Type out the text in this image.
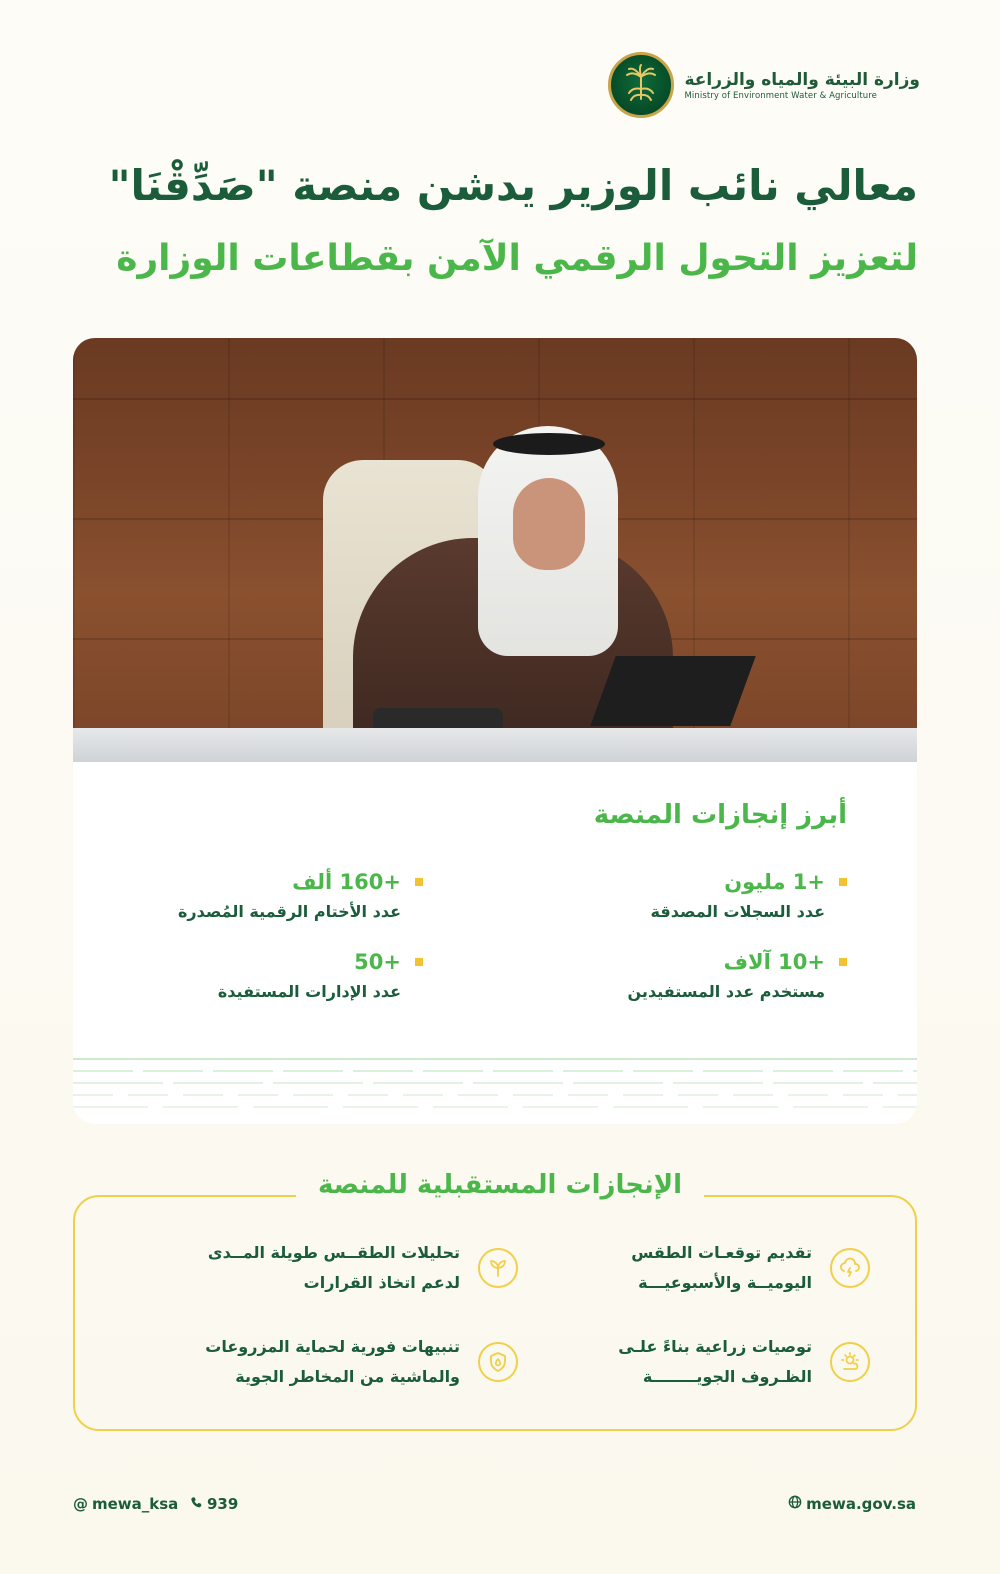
وزارة البيئة والمياه والزراعة
Ministry of Environment Water & Agriculture
معالي نائب الوزير يدشن منصة "صَدِّقْنَا"
لتعزيز التحول الرقمي الآمن بقطاعات الوزارة
أبرز إنجازات المنصة
+1 مليون
عدد السجلات المصدقة
+160 ألف
عدد الأختام الرقمية المُصدرة
+10 آلاف
مستخدم عدد المستفيدين
+50
عدد الإدارات المستفيدة
الإنجازات المستقبلية للمنصة
تقديم توقعـات الطقس
اليوميــة والأسبوعيـــة
تحليلات الطقــس طويلة المــدى
لدعم اتخاذ القرارات
توصيات زراعية بناءً علـى
الظـروف الجويــــــــة
تنبيهات فورية لحماية المزروعات
والماشية من المخاطر الجوية
mewa.gov.sa
939
@ mewa_ksa
